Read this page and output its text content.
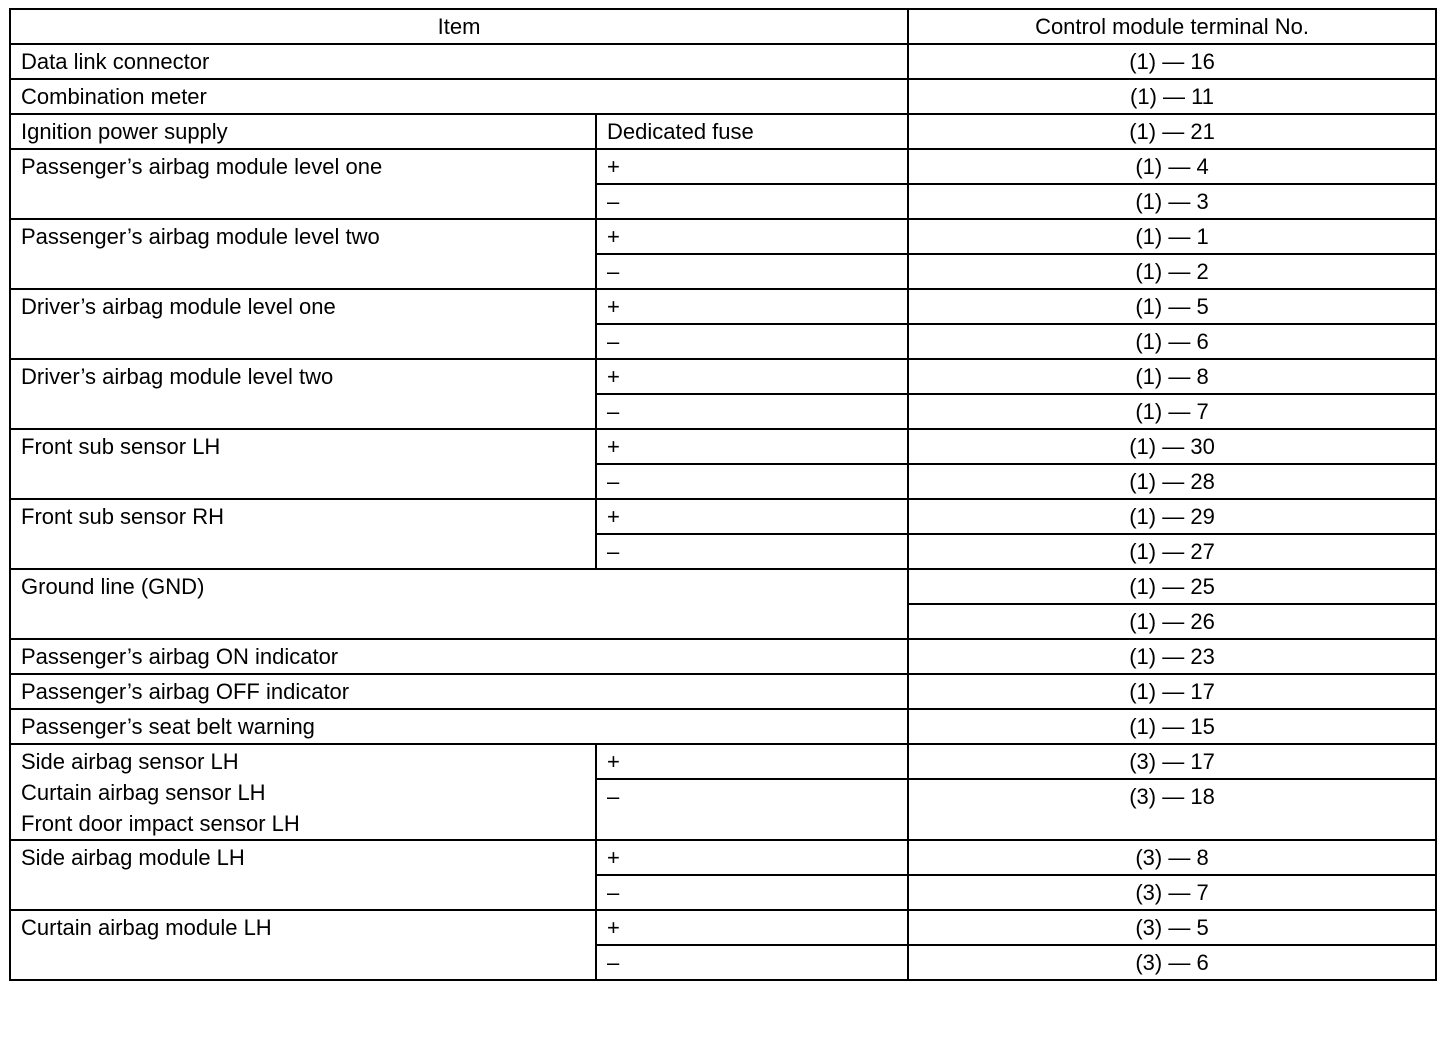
Item		Control module terminal No.
Data link connector		(1) — 16
Combination meter		(1) — 11
Ignition power supply	Dedicated fuse	(1) — 21
Passenger’s airbag module level one	+	(1) — 4
	–	(1) — 3
Passenger’s airbag module level two	+	(1) — 1
	–	(1) — 2
Driver’s airbag module level one	+	(1) — 5
	–	(1) — 6
Driver’s airbag module level two	+	(1) — 8
	–	(1) — 7
Front sub sensor LH	+	(1) — 30
	–	(1) — 28
Front sub sensor RH	+	(1) — 29
	–	(1) — 27
Ground line (GND)		(1) — 25
		(1) — 26
Passenger’s airbag ON indicator		(1) — 23
Passenger’s airbag OFF indicator		(1) — 17
Passenger’s seat belt warning		(1) — 15

Side airbag sensor LH
Curtain airbag sensor LH
Front door impact sensor LH	+	(3) — 17
	–	(3) — 18
Side airbag module LH	+	(3) — 8
	–	(3) — 7
Curtain airbag module LH	+	(3) — 5
	–	(3) — 6
